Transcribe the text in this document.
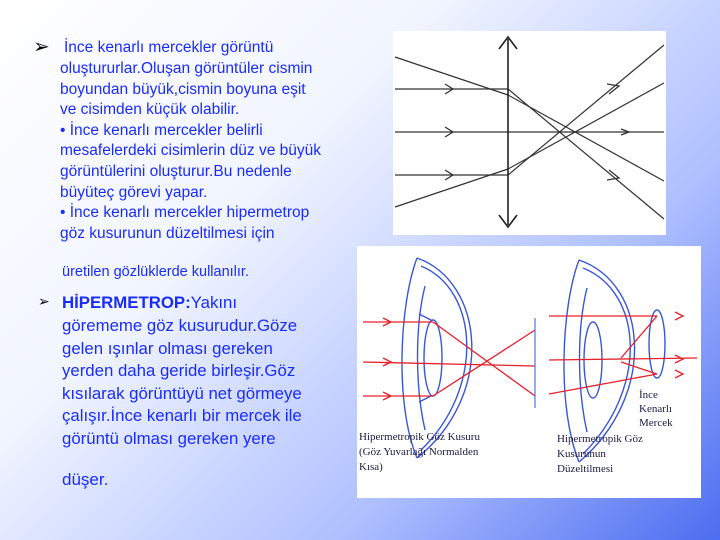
➢ İnce kenarlı mercekler görüntü
oluştururlar.Oluşan görüntüler cismin
boyundan büyük,cismin boyuna eşit
ve cisimden küçük olabilir.
• İnce kenarlı mercekler belirli
mesafelerdeki cisimlerin düz ve büyük
görüntülerini oluşturur.Bu nedenle
büyüteç görevi yapar.
• İnce kenarlı mercekler hipermetrop
göz kusurunun düzeltilmesi için
üretilen gözlüklerde kullanılır.
➢ HİPERMETROP:Yakını
görememe göz kusurudur.Göze
gelen ışınlar olması gereken
yerden daha geride birleşir.Göz
kısılarak görüntüyü net görmeye
çalışır.İnce kenarlı bir mercek ile
görüntü olması gereken yere
düşer.
Hipermetropik Göz Kusuru
(Göz Yuvarlağı Normalden
Kısa)
Hipermetropik Göz
Kusurunun
Düzeltilmesi
İnce
Kenarlı
Mercek
